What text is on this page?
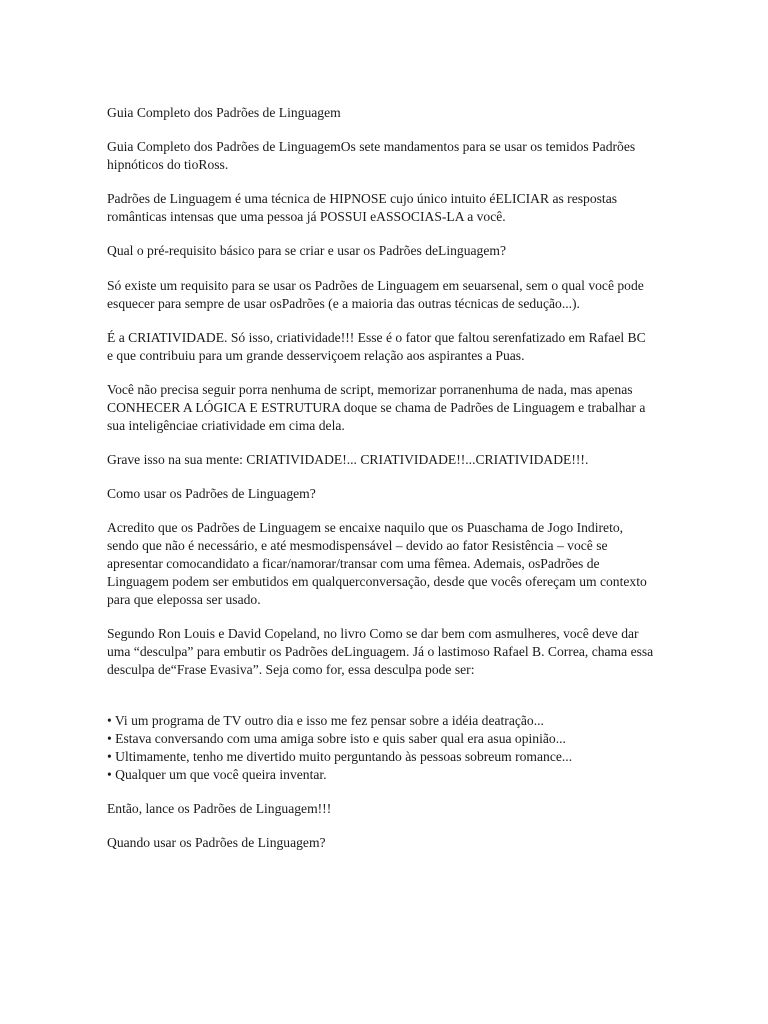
Guia Completo dos Padrões de Linguagem

Guia Completo dos Padrões de LinguagemOs sete mandamentos para se usar os temidos Padrões hipnóticos do tioRoss.

Padrões de Linguagem é uma técnica de HIPNOSE cujo único intuito éELICIAR as respostas românticas intensas que uma pessoa já POSSUI eASSOCIAS-LA a você.

Qual o pré-requisito básico para se criar e usar os Padrões deLinguagem?

Só existe um requisito para se usar os Padrões de Linguagem em seuarsenal, sem o qual você pode esquecer para sempre de usar osPadrões (e a maioria das outras técnicas de sedução...).

É a CRIATIVIDADE. Só isso, criatividade!!! Esse é o fator que faltou serenfatizado em Rafael BC e que contribuiu para um grande desserviçoem relação aos aspirantes a Puas.

Você não precisa seguir porra nenhuma de script, memorizar porranenhuma de nada, mas apenas CONHECER A LÓGICA E ESTRUTURA doque se chama de Padrões de Linguagem e trabalhar a sua inteligênciae criatividade em cima dela.

Grave isso na sua mente: CRIATIVIDADE!... CRIATIVIDADE!!...CRIATIVIDADE!!!.

Como usar os Padrões de Linguagem?

Acredito que os Padrões de Linguagem se encaixe naquilo que os Puaschama de Jogo Indireto, sendo que não é necessário, e até mesmodispensável – devido ao fator Resistência – você se apresentar comocandidato a ficar/namorar/transar com uma fêmea. Ademais, osPadrões de Linguagem podem ser embutidos em qualquerconversação, desde que vocês ofereçam um contexto para que elepossa ser usado.

Segundo Ron Louis e David Copeland, no livro Como se dar bem com asmulheres, você deve dar uma “desculpa” para embutir os Padrões deLinguagem. Já o lastimoso Rafael B. Correa, chama essa desculpa de“Frase Evasiva”. Seja como for, essa desculpa pode ser:

• Vi um programa de TV outro dia e isso me fez pensar sobre a idéia deatração...
• Estava conversando com uma amiga sobre isto e quis saber qual era asua opinião...
• Ultimamente, tenho me divertido muito perguntando às pessoas sobreum romance...
• Qualquer um que você queira inventar.

Então, lance os Padrões de Linguagem!!!

Quando usar os Padrões de Linguagem?
